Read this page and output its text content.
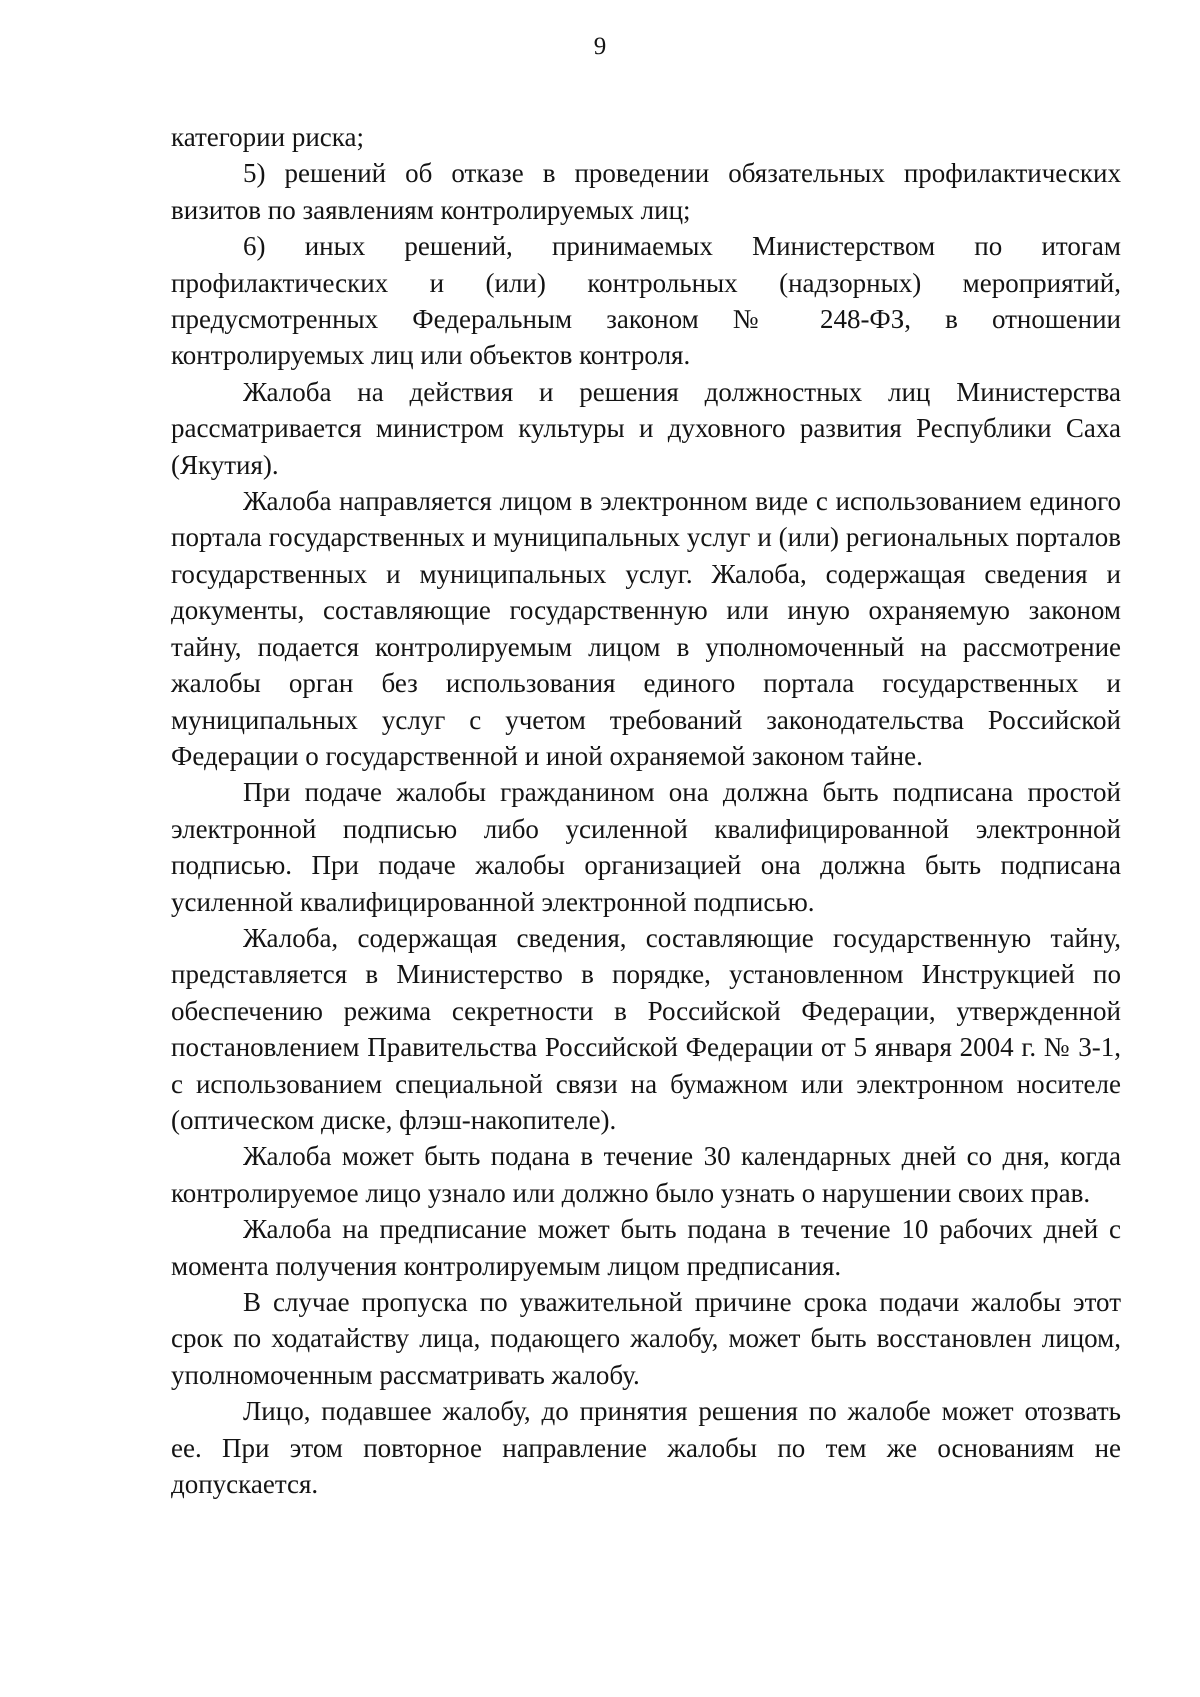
9

категории риска;

5) решений об отказе в проведении обязательных профилактических визитов по заявлениям контролируемых лиц;

6) иных решений, принимаемых Министерством по итогам профилактических и (или) контрольных (надзорных) мероприятий, предусмотренных Федеральным законом № 248-ФЗ, в отношении контролируемых лиц или объектов контроля.

Жалоба на действия и решения должностных лиц Министерства рассматривается министром культуры и духовного развития Республики Саха (Якутия).

Жалоба направляется лицом в электронном виде с использованием единого портала государственных и муниципальных услуг и (или) региональных порталов государственных и муниципальных услуг. Жалоба, содержащая сведения и документы, составляющие государственную или иную охраняемую законом тайну, подается контролируемым лицом в уполномоченный на рассмотрение жалобы орган без использования единого портала государственных и муниципальных услуг с учетом требований законодательства Российской Федерации о государственной и иной охраняемой законом тайне.

При подаче жалобы гражданином она должна быть подписана простой электронной подписью либо усиленной квалифицированной электронной подписью. При подаче жалобы организацией она должна быть подписана усиленной квалифицированной электронной подписью.

Жалоба, содержащая сведения, составляющие государственную тайну, представляется в Министерство в порядке, установленном Инструкцией по обеспечению режима секретности в Российской Федерации, утвержденной постановлением Правительства Российской Федерации от 5 января 2004 г. № 3-1, с использованием специальной связи на бумажном или электронном носителе (оптическом диске, флэш-накопителе).

Жалоба может быть подана в течение 30 календарных дней со дня, когда контролируемое лицо узнало или должно было узнать о нарушении своих прав.

Жалоба на предписание может быть подана в течение 10 рабочих дней с момента получения контролируемым лицом предписания.

В случае пропуска по уважительной причине срока подачи жалобы этот срок по ходатайству лица, подающего жалобу, может быть восстановлен лицом, уполномоченным рассматривать жалобу.

Лицо, подавшее жалобу, до принятия решения по жалобе может отозвать ее. При этом повторное направление жалобы по тем же основаниям не допускается.
